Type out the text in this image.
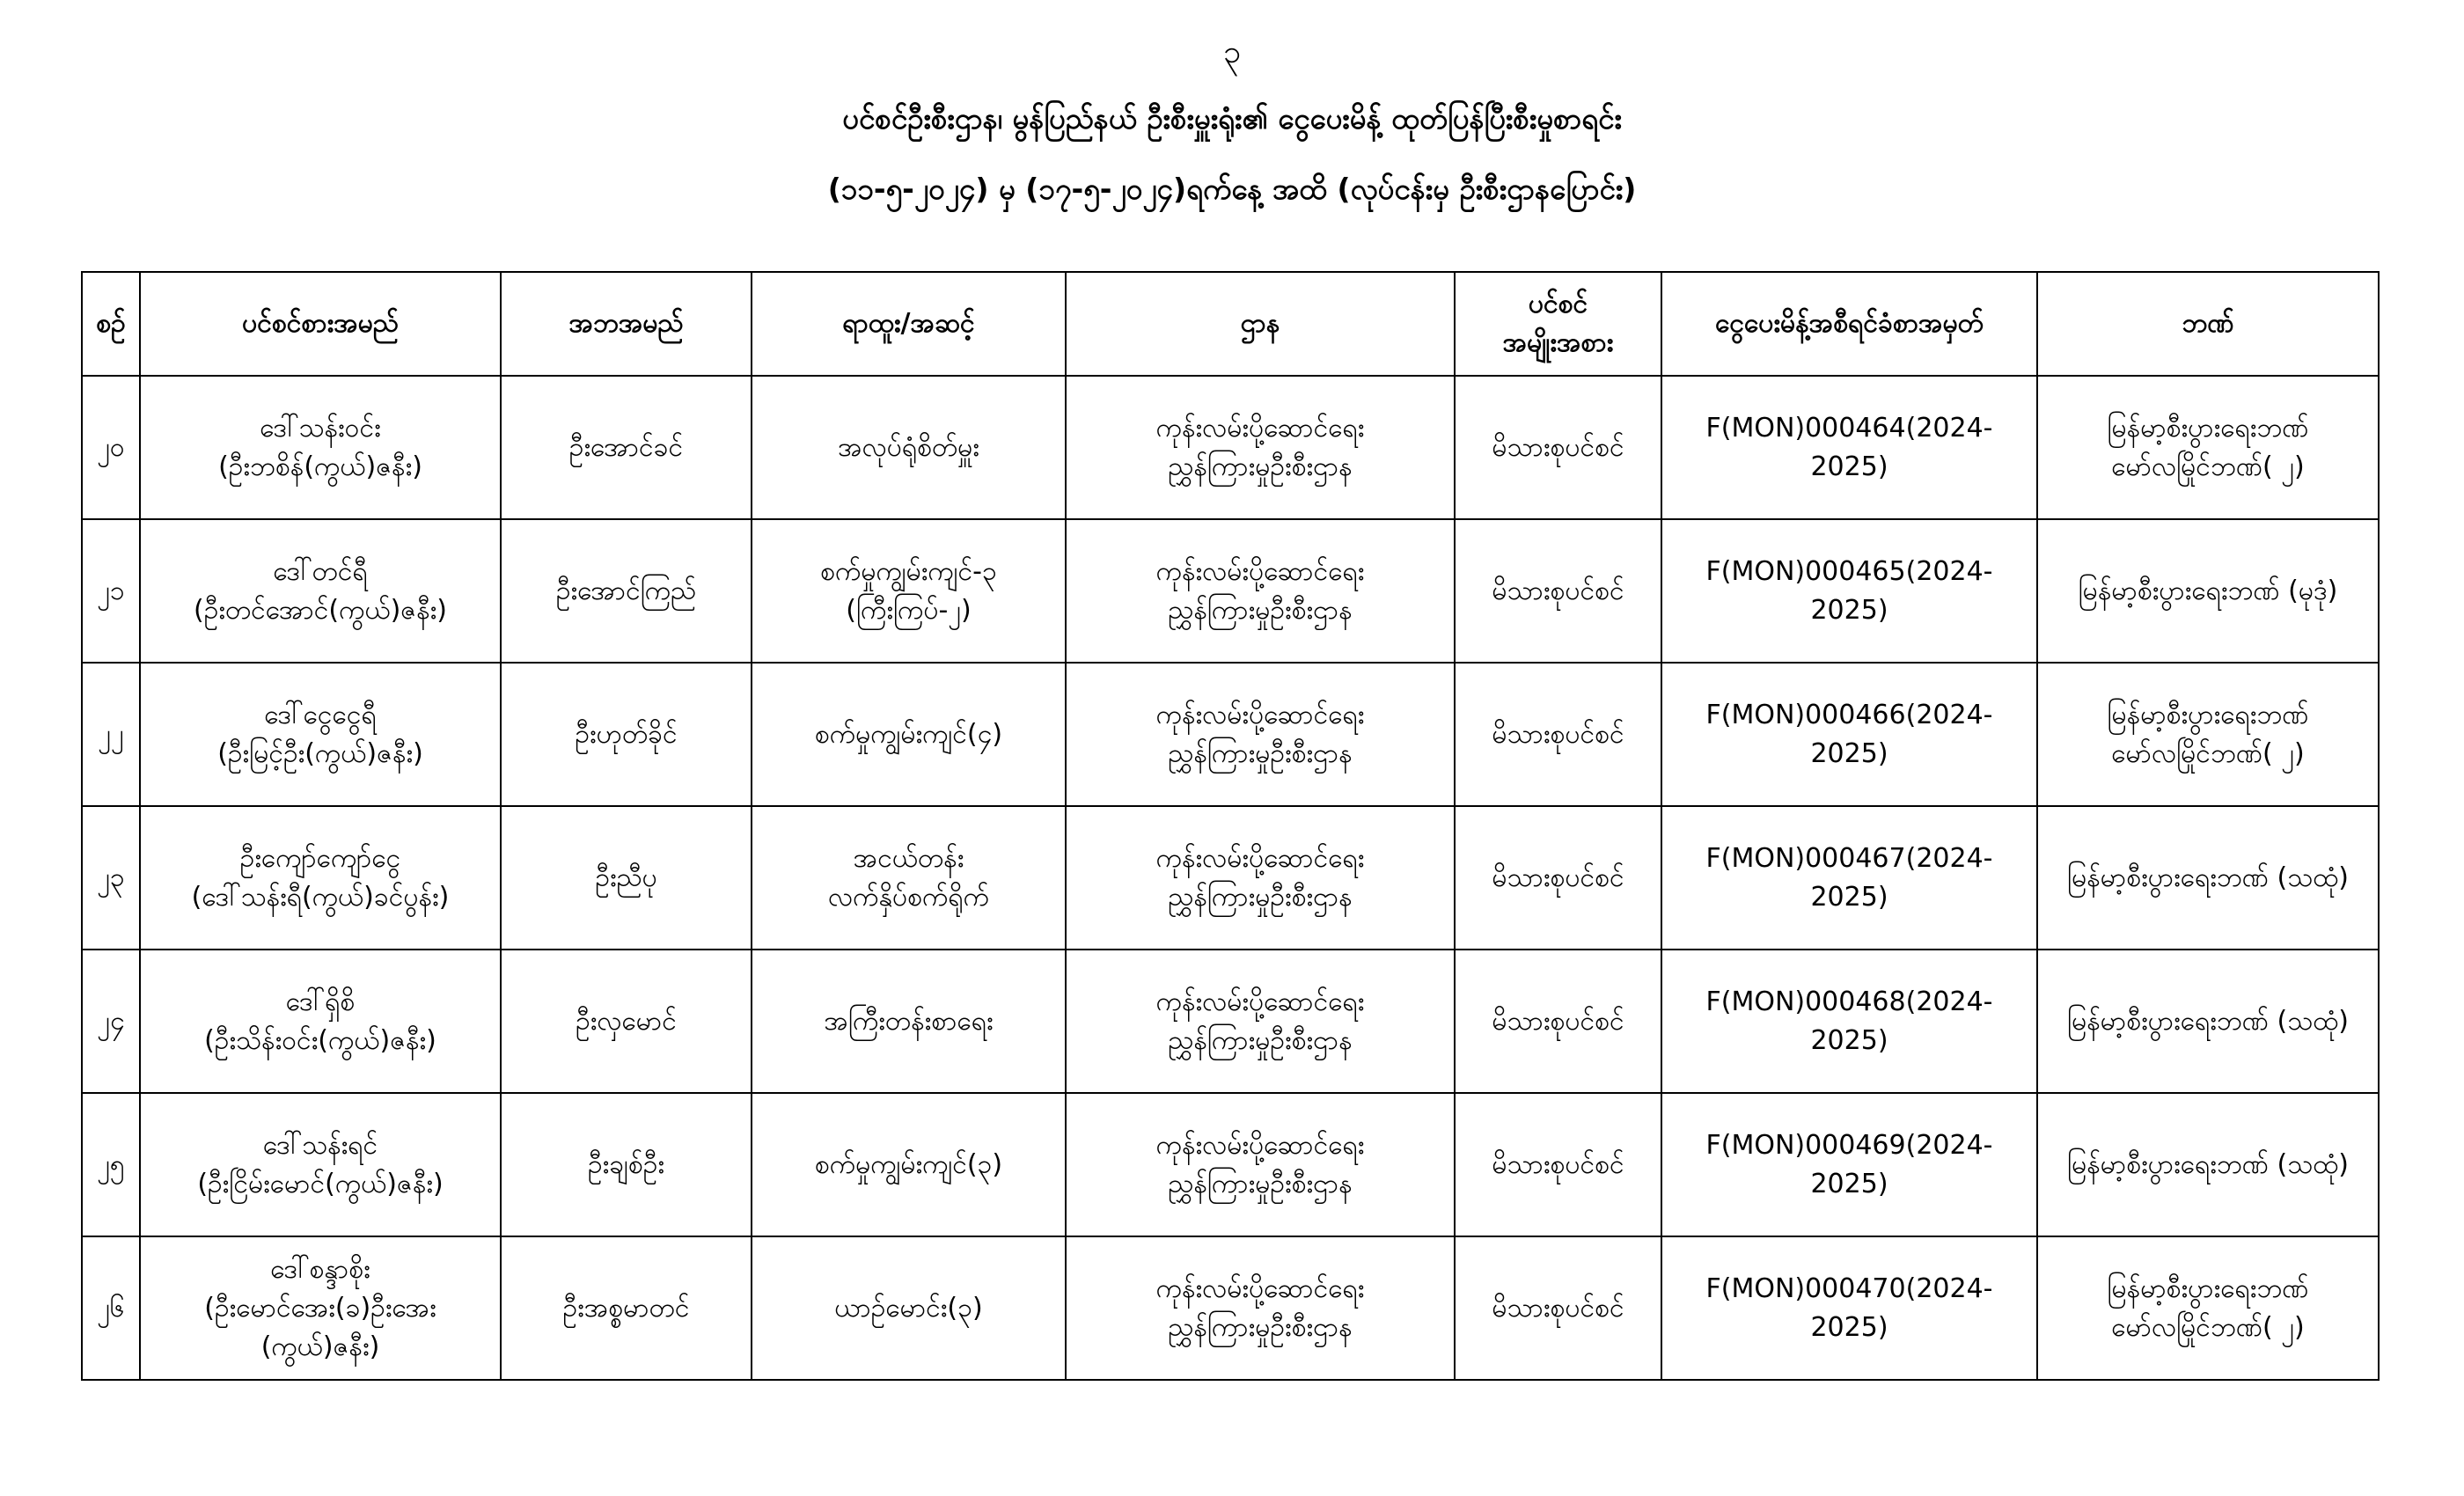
၃
ပင်စင်ဦးစီးဌာန၊ မွန်ပြည်နယ် ဦးစီးမှူးရုံး၏ ငွေပေးမိန့် ထုတ်ပြန်ပြီးစီးမှုစာရင်း
(၁၁-၅-၂၀၂၄) မှ (၁၇-၅-၂၀၂၄)ရက်နေ့ အထိ (လုပ်ငန်းမှ ဦးစီးဌာနပြောင်း)
စဉ်	ပင်စင်စားအမည်	အဘအမည်	ရာထူး/အဆင့်	ဌာန	ပင်စင်
အမျိုးအစား	ငွေပေးမိန့်အစီရင်ခံစာအမှတ်	ဘဏ်

၂၀	ဒေါ်သန်းဝင်း
(ဦးဘစိန်(ကွယ်)ဇနီး)	ဦးအောင်ခင်	အလုပ်ရုံစိတ်မှူး	ကုန်းလမ်းပို့ဆောင်ရေး
ညွှန်ကြားမှုဦးစီးဌာန	မိသားစုပင်စင်	F(MON)000464(2024-2025)	မြန်မာ့စီးပွားရေးဘဏ်
မော်လမြိုင်ဘဏ်( ၂)

၂၁	ဒေါ်တင်ရီ
(ဦးတင်အောင်(ကွယ်)ဇနီး)	ဦးအောင်ကြည်	စက်မှုကျွမ်းကျင်-၃
(ကြီးကြပ်-၂)	ကုန်းလမ်းပို့ဆောင်ရေး
ညွှန်ကြားမှုဦးစီးဌာန	မိသားစုပင်စင်	F(MON)000465(2024-2025)	မြန်မာ့စီးပွားရေးဘဏ် (မုဒုံ)

၂၂	ဒေါ်ငွေငွေရီ
(ဦးမြင့်ဦး(ကွယ်)ဇနီး)	ဦးဟုတ်ခိုင်	စက်မှုကျွမ်းကျင်(၄)	ကုန်းလမ်းပို့ဆောင်ရေး
ညွှန်ကြားမှုဦးစီးဌာန	မိသားစုပင်စင်	F(MON)000466(2024-2025)	မြန်မာ့စီးပွားရေးဘဏ်
မော်လမြိုင်ဘဏ်( ၂)

၂၃	ဦးကျော်ကျော်ငွေ
(ဒေါ်သန်းရီ(ကွယ်)ခင်ပွန်း)	ဦးညီပု	အငယ်တန်း
လက်နှိပ်စက်ရိုက်	ကုန်းလမ်းပို့ဆောင်ရေး
ညွှန်ကြားမှုဦးစီးဌာန	မိသားစုပင်စင်	F(MON)000467(2024-2025)	မြန်မာ့စီးပွားရေးဘဏ် (သထုံ)

၂၄	ဒေါ်ရှိစိ
(ဦးသိန်းဝင်း(ကွယ်)ဇနီး)	ဦးလှမောင်	အကြီးတန်းစာရေး	ကုန်းလမ်းပို့ဆောင်ရေး
ညွှန်ကြားမှုဦးစီးဌာန	မိသားစုပင်စင်	F(MON)000468(2024-2025)	မြန်မာ့စီးပွားရေးဘဏ် (သထုံ)

၂၅	ဒေါ်သန်းရင်
(ဦးငြိမ်းမောင်(ကွယ်)ဇနီး)	ဦးချစ်ဦး	စက်မှုကျွမ်းကျင်(၃)	ကုန်းလမ်းပို့ဆောင်ရေး
ညွှန်ကြားမှုဦးစီးဌာန	မိသားစုပင်စင်	F(MON)000469(2024-2025)	မြန်မာ့စီးပွားရေးဘဏ် (သထုံ)

၂၆	ဒေါ်စန္ဒာစိုး
(ဦးမောင်အေး(ခ)ဦးအေး
(ကွယ်)ဇနီး)	ဦးအစ္စမာတင်	ယာဉ်မောင်း(၃)	ကုန်းလမ်းပို့ဆောင်ရေး
ညွှန်ကြားမှုဦးစီးဌာန	မိသားစုပင်စင်	F(MON)000470(2024-2025)	မြန်မာ့စီးပွားရေးဘဏ်
မော်လမြိုင်ဘဏ်( ၂)
